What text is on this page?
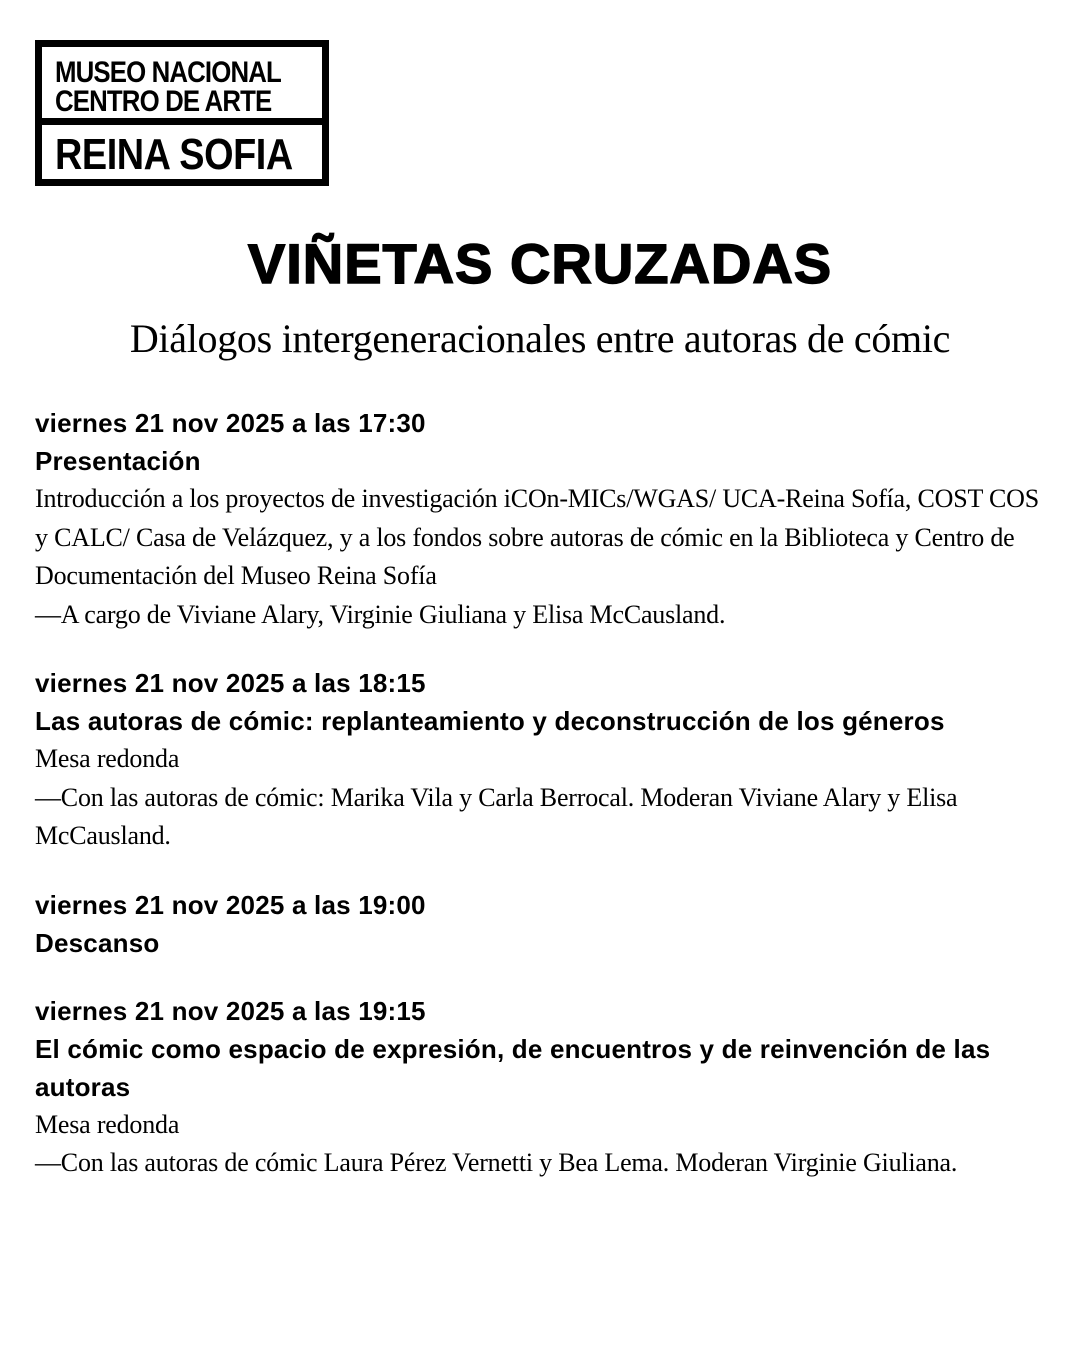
MUSEO NACIONAL
CENTRO DE ARTE
REINA SOFIA
VIÑETAS CRUZADAS
Diálogos intergeneracionales entre autoras de cómic
viernes 21 nov 2025 a las 17:30
Presentación
Introducción a los proyectos de investigación iCOn-MICs/WGAS/ UCA-Reina Sofía, COST COS y CALC/ Casa de Velázquez, y a los fondos sobre autoras de cómic en la Biblioteca y Centro de Documentación del Museo Reina Sofía
—A cargo de Viviane Alary, Virginie Giuliana y Elisa McCausland.
viernes 21 nov 2025 a las 18:15
Las autoras de cómic: replanteamiento y deconstrucción de los géneros
Mesa redonda
—Con las autoras de cómic: Marika Vila y Carla Berrocal. Moderan Viviane Alary y Elisa McCausland.
viernes 21 nov 2025 a las 19:00
Descanso
viernes 21 nov 2025 a las 19:15
El cómic como espacio de expresión, de encuentros y de reinvención de las autoras
Mesa redonda
—Con las autoras de cómic Laura Pérez Vernetti y Bea Lema. Moderan Virginie Giuliana.
